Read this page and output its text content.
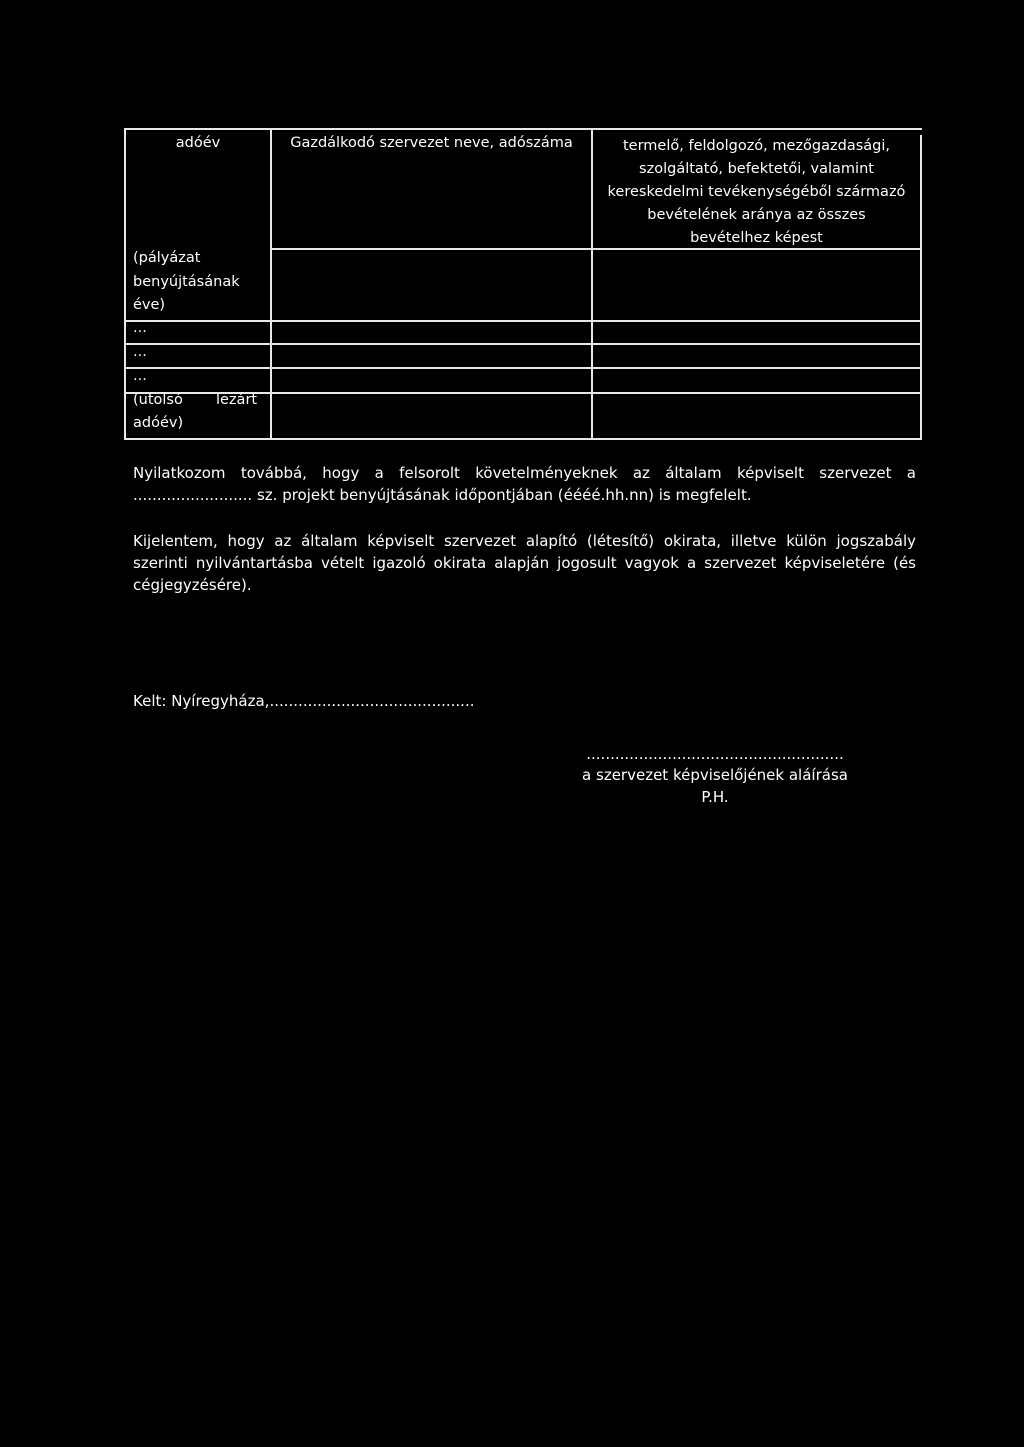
adóév	Gazdálkodó szervezet neve, adószáma	termelő, feldolgozó, mezőgazdasági,
szolgáltató, befektetői, valamint
kereskedelmi tevékenységéből származó
bevételének aránya az összes
bevételhez képest
(pályázat
benyújtásának
éve)
...
...
...
(utolsó lezárt
adóév)
Nyilatkozom továbbá, hogy a felsorolt követelményeknek az általam képviselt szervezet a
......................... sz. projekt benyújtásának időpontjában (éééé.hh.nn) is megfelelt.
Kijelentem, hogy az általam képviselt szervezet alapító (létesítő) okirata, illetve külön jogszabály szerinti nyilvántartásba vételt igazoló okirata alapján jogosult vagyok a szervezet képviseletére (és cégjegyzésére).
Kelt: Nyíregyháza,...........................................
......................................................
a szervezet képviselőjének aláírása
P.H.
